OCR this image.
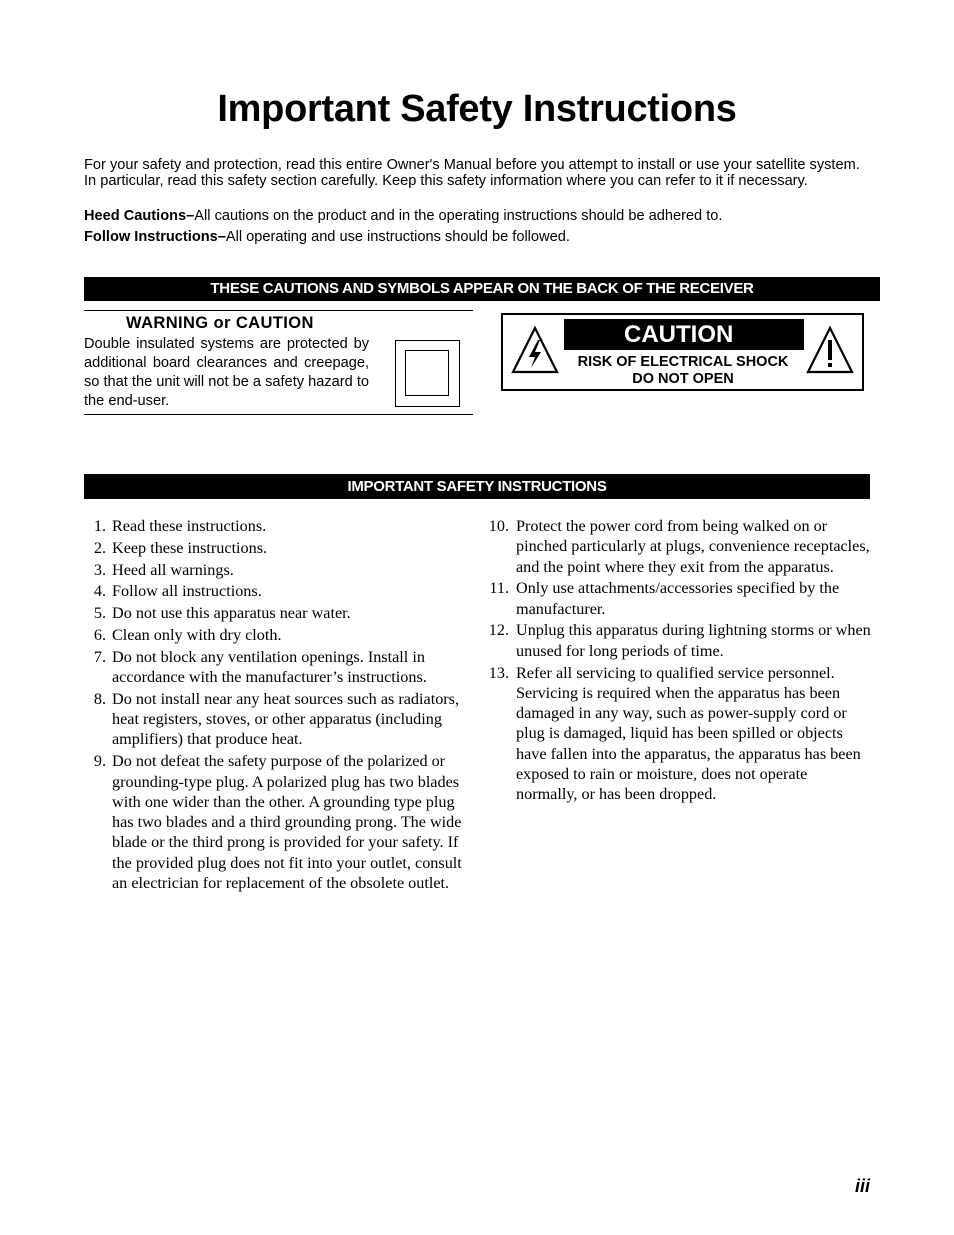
Important Safety Instructions

For your safety and protection, read this entire Owner's Manual before you attempt to install or use your satellite system. In particular, read this safety section carefully. Keep this safety information where you can refer to it if necessary.

Heed Cautions–All cautions on the product and in the operating instructions should be adhered to.

Follow Instructions–All operating and use instructions should be followed.

THESE CAUTIONS AND SYMBOLS APPEAR ON THE BACK OF THE RECEIVER
WARNING or CAUTION
Double insulated systems are protected by additional board clearances and creepage, so that the unit will not be a safety hazard to the end-user.
CAUTION
RISK OF ELECTRICAL SHOCK
DO NOT OPEN
IMPORTANT SAFETY INSTRUCTIONS
1. Read these instructions.
2. Keep these instructions.
3. Heed all warnings.
4. Follow all instructions.
5. Do not use this apparatus near water.
6. Clean only with dry cloth.
7. Do not block any ventilation openings. Install in accordance with the manufacturer’s instructions.
8. Do not install near any heat sources such as radiators, heat registers, stoves, or other apparatus (including amplifiers) that produce heat.
9. Do not defeat the safety purpose of the polarized or grounding-type plug. A polarized plug has two blades with one wider than the other. A grounding type plug has two blades and a third grounding prong. The wide blade or the third prong is provided for your safety. If the provided plug does not fit into your outlet, consult an electrician for replacement of the obsolete outlet.
10. Protect the power cord from being walked on or pinched particularly at plugs, convenience receptacles, and the point where they exit from the apparatus.
11. Only use attachments/accessories specified by the manufacturer.
12. Unplug this apparatus during lightning storms or when unused for long periods of time.
13. Refer all servicing to qualified service personnel. Servicing is required when the apparatus has been damaged in any way, such as power-supply cord or plug is damaged, liquid has been spilled or objects have fallen into the apparatus, the apparatus has been exposed to rain or moisture, does not operate normally, or has been dropped.
iii
